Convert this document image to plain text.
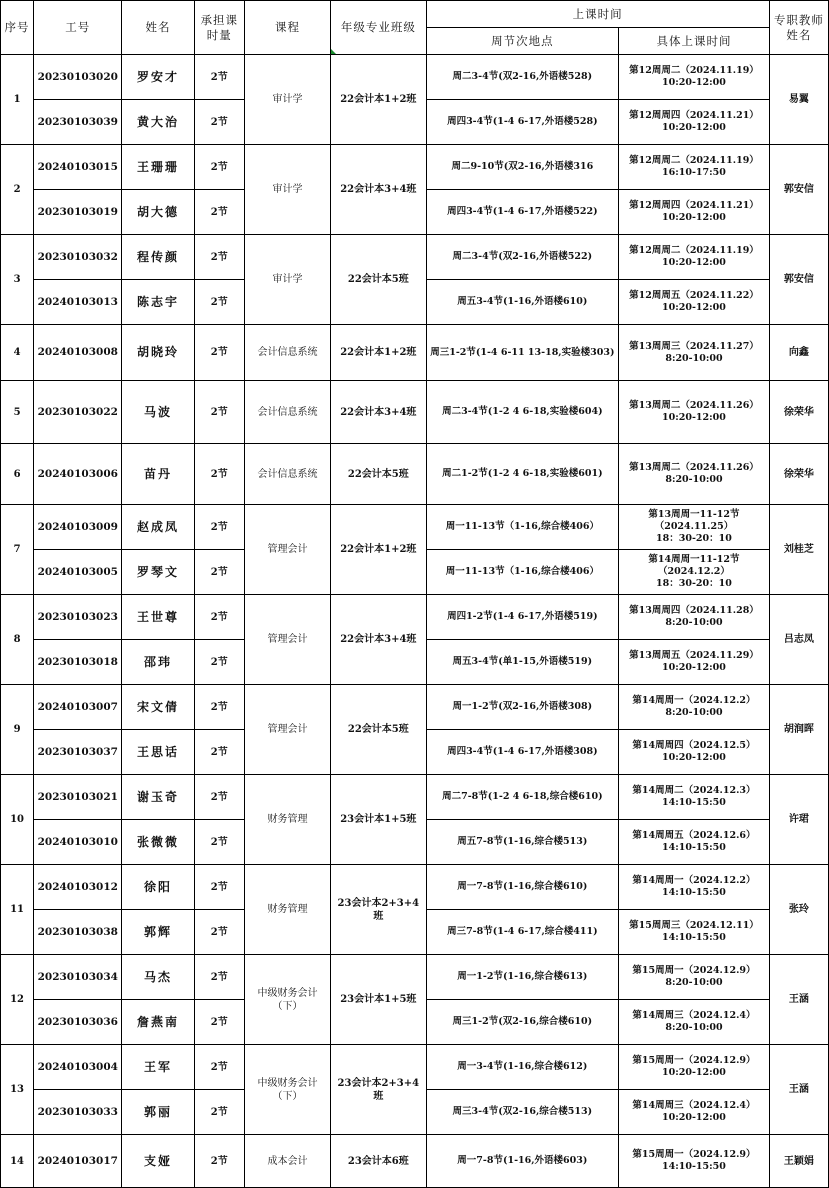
序号	工号	姓名	承担课时量	课程	年级专业班级	上课时间		专职教师姓名
						周节次地点	具体上课时间	
1	20230103020	罗安才	2节	审计学	22会计本1+2班	周二3-4节(双2-16,外语楼528)	第12周周二（2024.11.19）
10:20-12:00	易翼
	20230103039	黄大治	2节			周四3-4节(1-4 6-17,外语楼528)	第12周周四（2024.11.21）
10:20-12:00	

2	20240103015	王珊珊	2节	审计学	22会计本3+4班	周二9-10节(双2-16,外语楼316	第12周周二（2024.11.19）
16:10-17:50	郭安信
	20230103019	胡大德	2节			周四3-4节(1-4 6-17,外语楼522)	第12周周四（2024.11.21）
10:20-12:00	

3	20230103032	程传颜	2节	审计学	22会计本5班	周二3-4节(双2-16,外语楼522)	第12周周二（2024.11.19）
10:20-12:00	郭安信
	20240103013	陈志宇	2节			周五3-4节(1-16,外语楼610)	第12周周五（2024.11.22）
10:20-12:00	

4	20240103008	胡晓玲	2节	会计信息系统	22会计本1+2班	周三1-2节(1-4 6-11 13-18,实验楼303)	第13周周三（2024.11.27）
8:20-10:00	向鑫
5	20230103022	马波	2节	会计信息系统	22会计本3+4班	周二3-4节(1-2 4 6-18,实验楼604)	第13周周二（2024.11.26）
10:20-12:00	徐荣华
6	20240103006	苗丹	2节	会计信息系统	22会计本5班	周二1-2节(1-2 4 6-18,实验楼601)	第13周周二（2024.11.26）
8:20-10:00	徐荣华
7	20240103009	赵成凤	2节	管理会计	22会计本1+2班	周一11-13节（1-16,综合楼406）	第13周周一11-12节
（2024.11.25）
18：30-20：10	刘桂芝
	20240103005	罗琴文	2节			周一11-13节（1-16,综合楼406）	第14周周一11-12节
（2024.12.2）
18：30-20：10	

8	20230103023	王世尊	2节	管理会计	22会计本3+4班	周四1-2节(1-4 6-17,外语楼519)	第13周周四（2024.11.28）
8:20-10:00	吕志凤
	20230103018	邵玮	2节			周五3-4节(单1-15,外语楼519)	第13周周五（2024.11.29）
10:20-12:00	

9	20240103007	宋文倩	2节	管理会计	22会计本5班	周一1-2节(双2-16,外语楼308)	第14周周一（2024.12.2）
8:20-10:00	胡润晖
	20230103037	王思话	2节			周四3-4节(1-4 6-17,外语楼308)	第14周周四（2024.12.5）
10:20-12:00	

10	20230103021	谢玉奇	2节	财务管理	23会计本1+5班	周二7-8节(1-2 4 6-18,综合楼610)	第14周周二（2024.12.3）
14:10-15:50	许珺
	20240103010	张微微	2节			周五7-8节(1-16,综合楼513)	第14周周五（2024.12.6）
14:10-15:50	

11	20240103012	徐阳	2节	财务管理	23会计本2+3+4班	周一7-8节(1-16,综合楼610)	第14周周一（2024.12.2）
14:10-15:50	张玲
	20230103038	郭辉	2节			周三7-8节(1-4 6-17,综合楼411)	第15周周三（2024.12.11）
14:10-15:50	

12	20230103034	马杰	2节	中级财务会计（下）	23会计本1+5班	周一1-2节(1-16,综合楼613)	第15周周一（2024.12.9）
8:20-10:00	王涵
	20230103036	詹燕南	2节			周三1-2节(双2-16,综合楼610)	第14周周三（2024.12.4）
8:20-10:00	

13	20240103004	王军	2节	中级财务会计（下）	23会计本2+3+4班	周一3-4节(1-16,综合楼612)	第15周周一（2024.12.9）
10:20-12:00	王涵
	20230103033	郭丽	2节			周三3-4节(双2-16,综合楼513)	第14周周三（2024.12.4）
10:20-12:00	

14	20240103017	支娅	2节	成本会计	23会计本6班	周一7-8节(1-16,外语楼603)	第15周周一（2024.12.9）
14:10-15:50	王颖娟
